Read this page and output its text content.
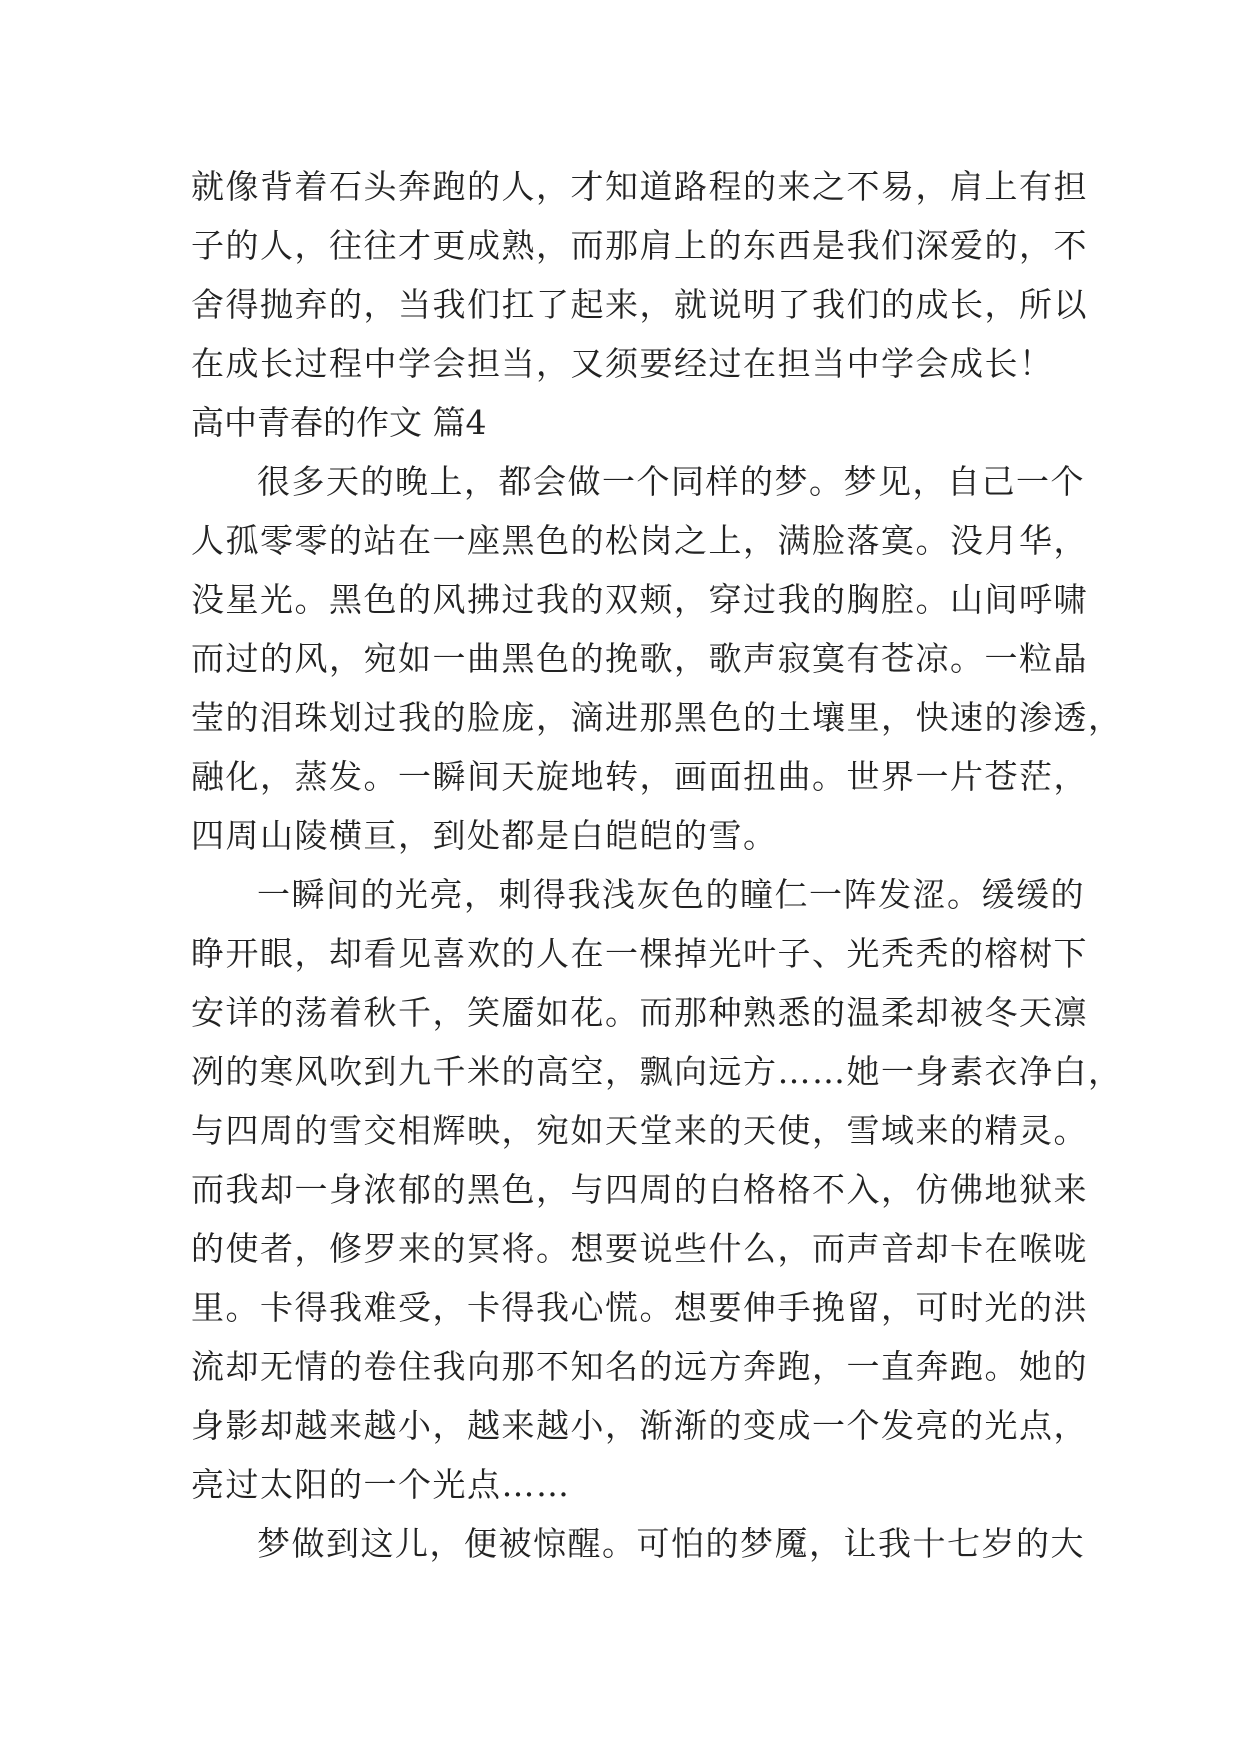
就像背着石头奔跑的人，才知道路程的来之不易，肩上有担
子的人，往往才更成熟，而那肩上的东西是我们深爱的，不
舍得抛弃的，当我们扛了起来，就说明了我们的成长，所以
在成长过程中学会担当，又须要经过在担当中学会成长！
高中青春的作文 篇4
很多天的晚上，都会做一个同样的梦。梦见，自己一个
人孤零零的站在一座黑色的松岗之上，满脸落寞。没月华，
没星光。黑色的风拂过我的双颊，穿过我的胸腔。山间呼啸
而过的风，宛如一曲黑色的挽歌，歌声寂寞有苍凉。一粒晶
莹的泪珠划过我的脸庞，滴进那黑色的土壤里，快速的渗透，
融化，蒸发。一瞬间天旋地转，画面扭曲。世界一片苍茫，
四周山陵横亘，到处都是白皑皑的雪。
一瞬间的光亮，刺得我浅灰色的瞳仁一阵发涩。缓缓的
睁开眼，却看见喜欢的人在一棵掉光叶子、光秃秃的榕树下
安详的荡着秋千，笑靥如花。而那种熟悉的温柔却被冬天凛
冽的寒风吹到九千米的高空，飘向远方……她一身素衣净白，
与四周的雪交相辉映，宛如天堂来的天使，雪域来的精灵。
而我却一身浓郁的黑色，与四周的白格格不入，仿佛地狱来
的使者，修罗来的冥将。想要说些什么，而声音却卡在喉咙
里。卡得我难受，卡得我心慌。想要伸手挽留，可时光的洪
流却无情的卷住我向那不知名的远方奔跑，一直奔跑。她的
身影却越来越小，越来越小，渐渐的变成一个发亮的光点，
亮过太阳的一个光点……
梦做到这儿，便被惊醒。可怕的梦魇，让我十七岁的大
